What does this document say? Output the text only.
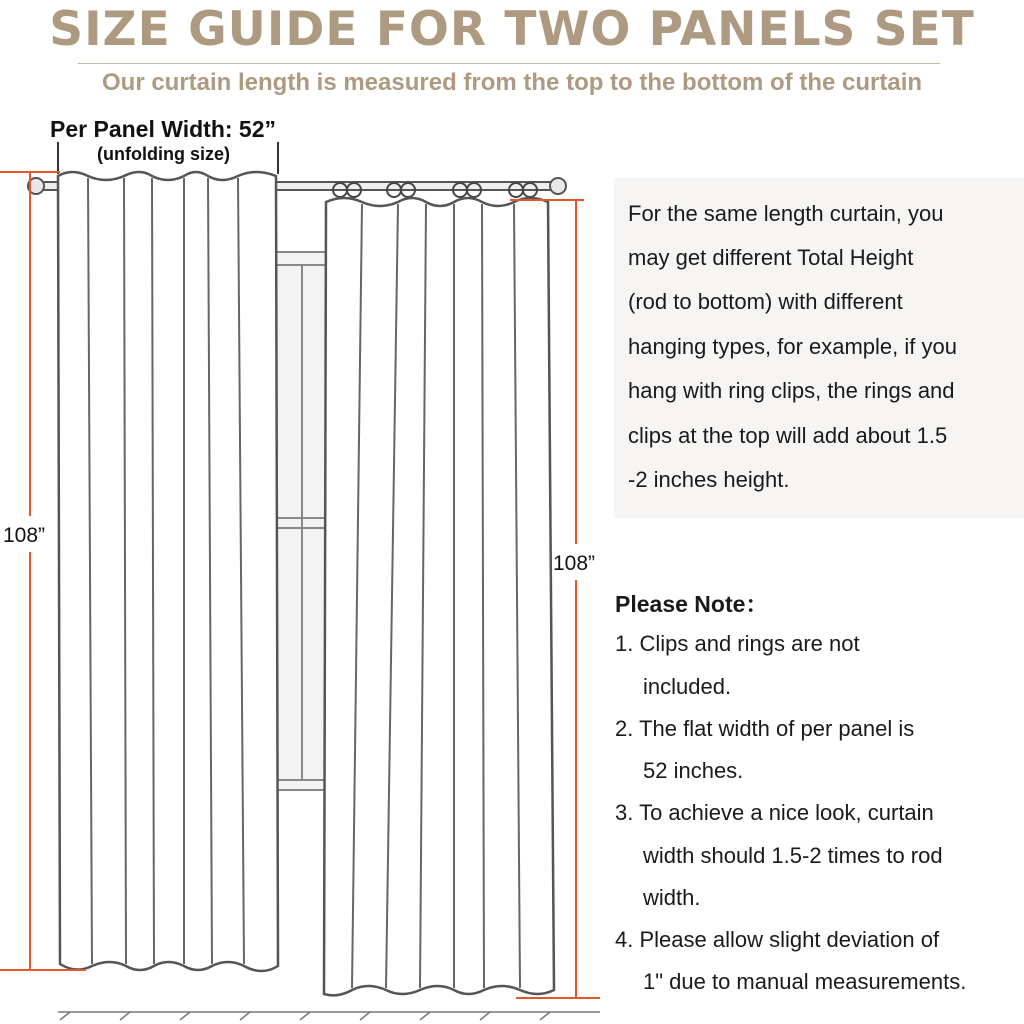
SIZE GUIDE FOR TWO PANELS SET
Our curtain length is measured from the top to the bottom of the curtain
Per Panel Width: 52”
(unfolding size)
108”
108”
For the same length curtain, you
may get different Total Height
(rod to bottom) with different
hanging types, for example, if you
hang with ring clips, the rings and
clips at the top will add about 1.5
-2 inches height.
Please Note：
1. Clips and rings are not
included.
2. The flat width of per panel is
52 inches.
3. To achieve a nice look, curtain
width should 1.5-2 times to rod
width.
4. Please allow slight deviation of
1" due to manual measurements.
